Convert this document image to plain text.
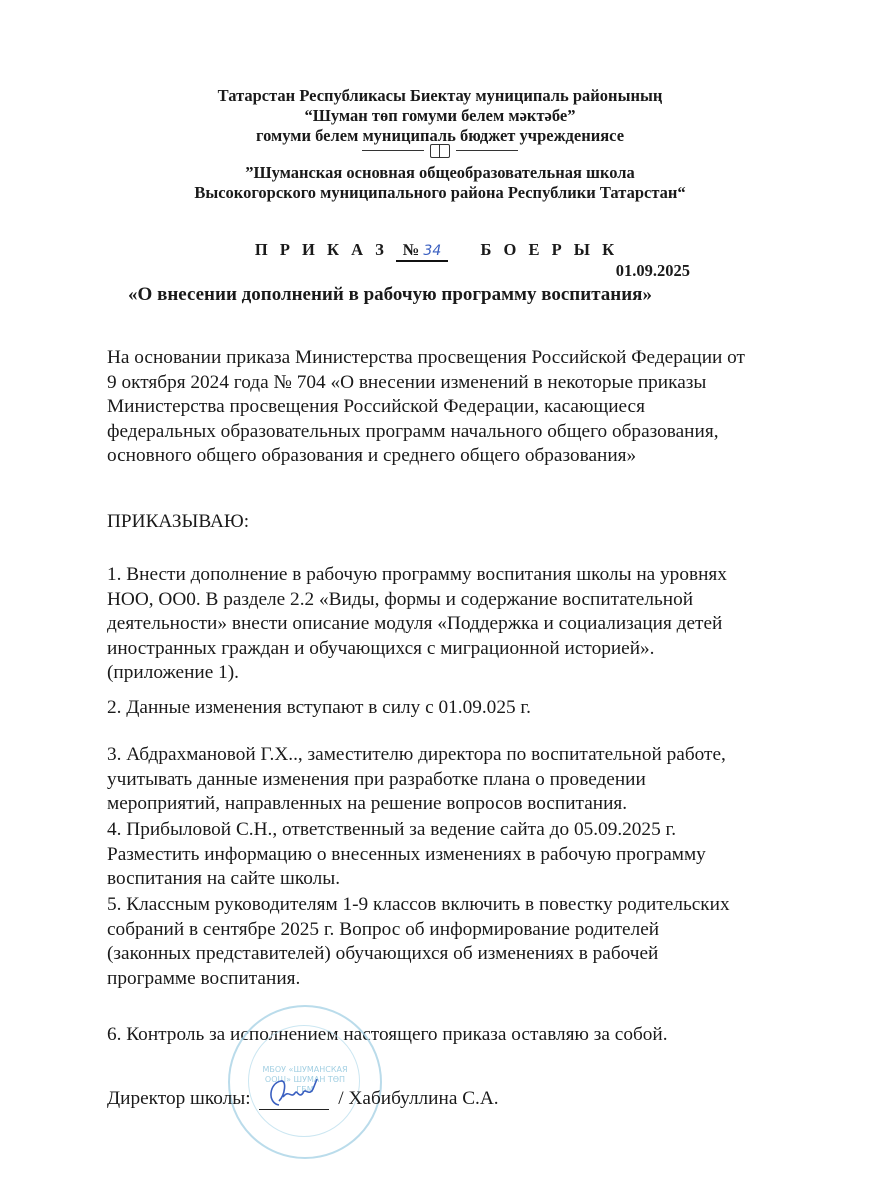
Татарстан Республикасы Биектау муниципаль районының
“Шуман төп гомуми белем мәктәбе”
гомуми белем муниципаль бюджет учреждениясе
”Шуманская основная общеобразовательная школа
Высокогорского муниципального района Республики Татарстан“
П Р И К А З № 34 Б О Е Р Ы К
01.09.2025
«О внесении дополнений в рабочую программу воспитания»
На основании приказа Министерства просвещения Российской Федерации от
9 октября 2024 года № 704 «О внесении изменений в некоторые приказы
Министерства просвещения Российской Федерации, касающиеся
федеральных образовательных программ начального общего образования,
основного общего образования и среднего общего образования»
ПРИКАЗЫВАЮ:
1. Внести дополнение в рабочую программу воспитания школы на уровнях
НОО, ОО0. В разделе 2.2 «Виды, формы и содержание воспитательной
деятельности» внести описание модуля «Поддержка и социализация детей
иностранных граждан и обучающихся с миграционной историей».
(приложение 1).
2. Данные изменения вступают в силу с 01.09.025 г.
3. Абдрахмановой Г.Х.., заместителю директора по воспитательной работе,
учитывать данные изменения при разработке плана о проведении
мероприятий, направленных на решение вопросов воспитания.
4. Прибыловой С.Н., ответственный за ведение сайта до 05.09.2025 г.
Разместить информацию о внесенных изменениях в рабочую программу
воспитания на сайте школы.
5. Классным руководителям 1-9 классов включить в повестку родительских
собраний в сентябре 2025 г. Вопрос об информирование родителей
(законных представителей) обучающихся об изменениях в рабочей
программе воспитания.
6. Контроль за исполнением настоящего приказа оставляю за собой.
МБОУ «ШУМАНСКАЯ ООШ» ШУМАН ТӨП ГБМ
Директор школы:	/ Хабибуллина С.А.
